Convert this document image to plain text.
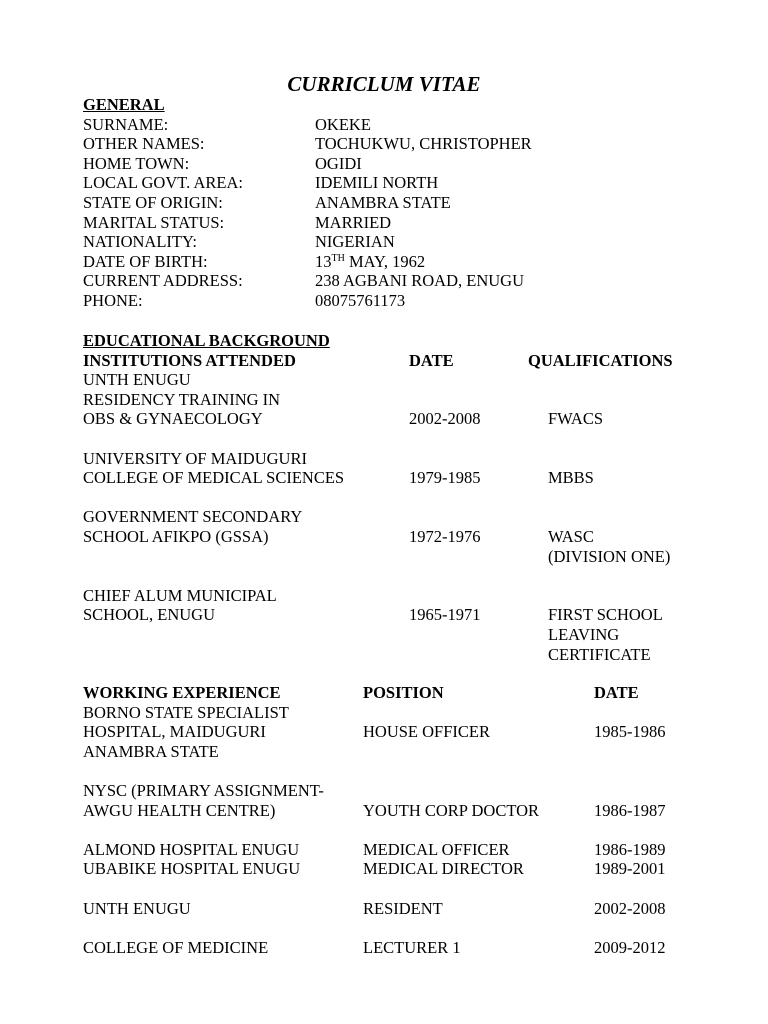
CURRICLUM VITAE
GENERAL
SURNAME:	OKEKE
OTHER NAMES:	TOCHUKWU, CHRISTOPHER
HOME TOWN:	OGIDI
LOCAL GOVT. AREA:	IDEMILI NORTH
STATE OF ORIGIN:	ANAMBRA STATE
MARITAL STATUS:	MARRIED
NATIONALITY:	NIGERIAN
DATE OF BIRTH:	13TH MAY, 1962
CURRENT ADDRESS:	238 AGBANI ROAD, ENUGU
PHONE:	08075761173
EDUCATIONAL BACKGROUND
INSTITUTIONS ATTENDED	DATE	QUALIFICATIONS
UNTH ENUGU
RESIDENCY TRAINING IN
OBS & GYNAECOLOGY	2002-2008	FWACS
UNIVERSITY OF MAIDUGURI
COLLEGE OF MEDICAL SCIENCES	1979-1985	MBBS
GOVERNMENT SECONDARY
SCHOOL AFIKPO (GSSA)	1972-1976	WASC
(DIVISION ONE)
CHIEF ALUM MUNICIPAL
SCHOOL, ENUGU	1965-1971	FIRST SCHOOL
LEAVING
CERTIFICATE
WORKING EXPERIENCE	POSITION	DATE
BORNO STATE SPECIALIST
HOSPITAL, MAIDUGURI	HOUSE OFFICER	1985-1986
ANAMBRA STATE
NYSC (PRIMARY ASSIGNMENT-
AWGU HEALTH CENTRE)	YOUTH CORP DOCTOR	1986-1987
ALMOND HOSPITAL ENUGU	MEDICAL OFFICER	1986-1989
UBABIKE HOSPITAL ENUGU	MEDICAL DIRECTOR	1989-2001
UNTH ENUGU	RESIDENT	2002-2008
COLLEGE OF MEDICINE	LECTURER 1	2009-2012
